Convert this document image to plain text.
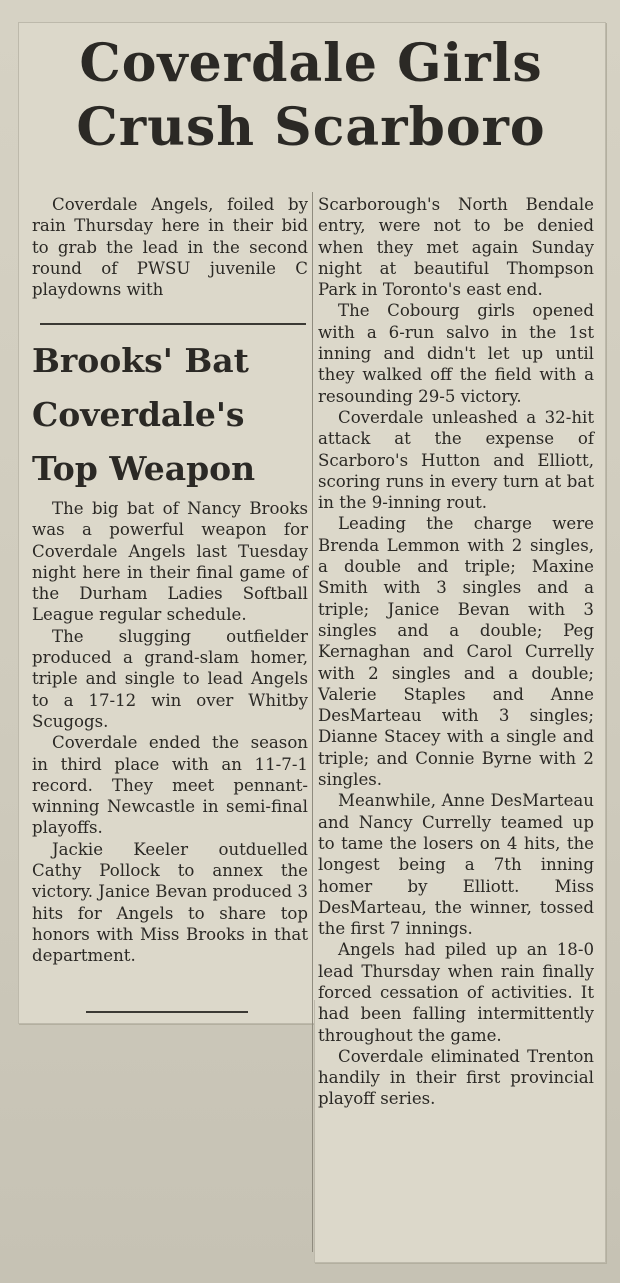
Coverdale Girls
Crush Scarboro

Coverdale Angels, foiled by rain Thursday here in their bid to grab the lead in the second round of PWSU juvenile C playdowns with

Brooks' Bat
Coverdale's
Top Weapon

The big bat of Nancy Brooks was a powerful weapon for Coverdale Angels last Tuesday night here in their final game of the Durham Ladies Softball League regular schedule.

The slugging outfielder produced a grand-slam homer, triple and single to lead Angels to a 17-12 win over Whitby Scugogs.

Coverdale ended the season in third place with an 11-7-1 record. They meet pennant-winning Newcastle in semi-final playoffs.

Jackie Keeler outduelled Cathy Pollock to annex the victory. Janice Bevan produced 3 hits for Angels to share top honors with Miss Brooks in that department.

Scarborough's North Bendale entry, were not to be denied when they met again Sunday night at beautiful Thompson Park in Toronto's east end.

The Cobourg girls opened with a 6-run salvo in the 1st inning and didn't let up until they walked off the field with a resounding 29-5 victory.

Coverdale unleashed a 32-hit attack at the expense of Scarboro's Hutton and Elliott, scoring runs in every turn at bat in the 9-inning rout.

Leading the charge were Brenda Lemmon with 2 singles, a double and triple; Maxine Smith with 3 singles and a triple; Janice Bevan with 3 singles and a double; Peg Kernaghan and Carol Currelly with 2 singles and a double; Valerie Staples and Anne DesMarteau with 3 singles; Dianne Stacey with a single and triple; and Connie Byrne with 2 singles.

Meanwhile, Anne DesMarteau and Nancy Currelly teamed up to tame the losers on 4 hits, the longest being a 7th inning homer by Elliott. Miss DesMarteau, the winner, tossed the first 7 innings.

Angels had piled up an 18-0 lead Thursday when rain finally forced cessation of activities. It had been falling intermittently throughout the game.

Coverdale eliminated Trenton handily in their first provincial playoff series.
